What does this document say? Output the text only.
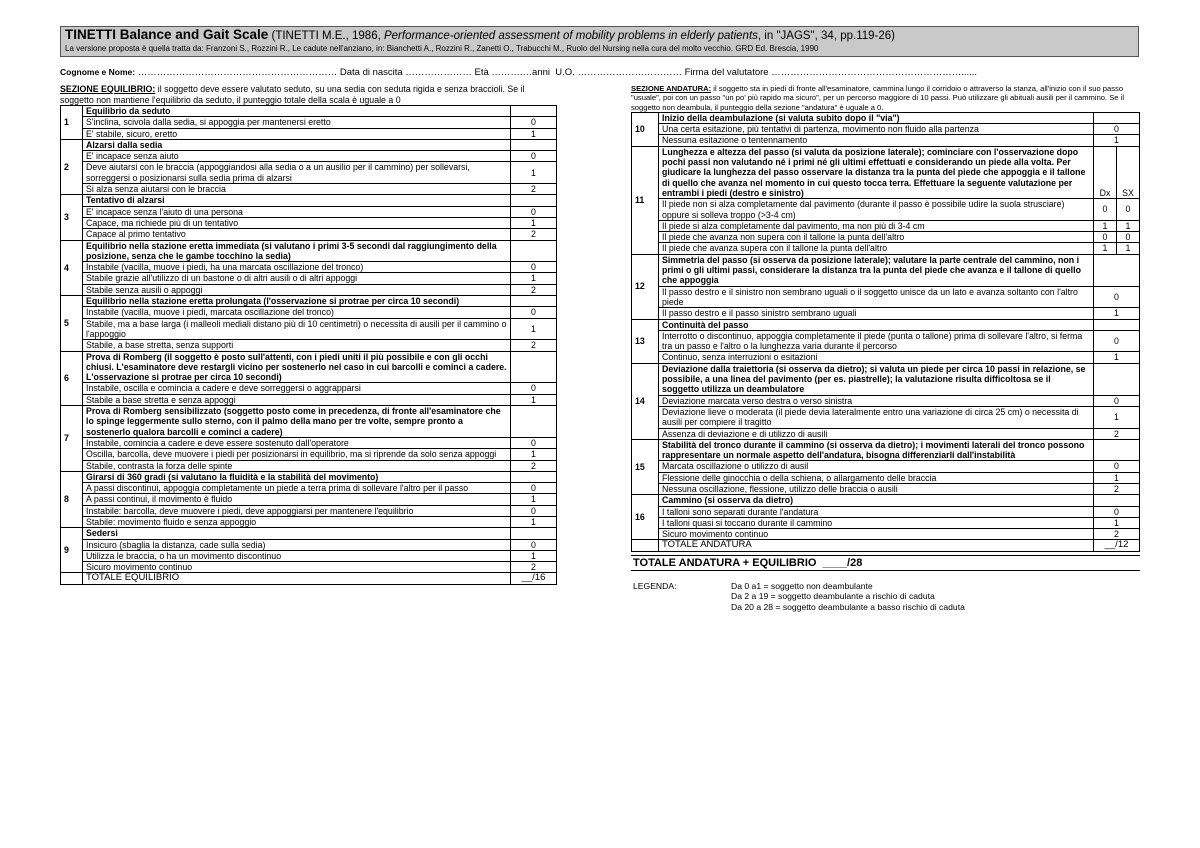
TINETTI Balance and Gait Scale (TINETTI M.E., 1986, Performance-oriented assessment of mobility problems in elderly patients, in "JAGS", 34, pp.119-26)
La versione proposta è quella tratta da: Franzoni S., Rozzini R., Le cadute nell'anziano, in: Bianchetti A., Rozzini R., Zanetti O., Trabucchi M., Ruolo del Nursing nella cura del molto vecchio. GRD Ed. Brescia, 1990
Cognome e Nome: ……………………………………………………… Data di nascita ………………… Età ……….…anni U.O. …………………………… Firma del valutatore ……………………………………………………......
SEZIONE EQUILIBRIO: il soggetto deve essere valutato seduto, su una sedia con seduta rigida e senza braccioli. Se il soggetto non mantiene l'equilibrio da seduto, il punteggio totale della scala è uguale a 0
1	Equilibrio da seduto	
	S'inclina, scivola dalla sedia, si appoggia per mantenersi eretto	0
	E' stabile, sicuro, eretto	1
2	Alzarsi dalla sedia	
	E' incapace senza aiuto	0
	Deve aiutarsi con le braccia (appoggiandosi alla sedia o a un ausilio per il cammino) per sollevarsi, sorreggersi o posizionarsi sulla sedia prima di alzarsi	1
	Si alza senza aiutarsi con le braccia	2
3	Tentativo di alzarsi	
	E' incapace senza l'aiuto di una persona	0
	Capace, ma richiede più di un tentativo	1
	Capace al primo tentativo	2
4	Equilibrio nella stazione eretta immediata (si valutano i primi 3-5 secondi dal raggiungimento della posizione, senza che le gambe tocchino la sedia)	
	Instabile (vacilla, muove i piedi, ha una marcata oscillazione del tronco)	0
	Stabile grazie all'utilizzo di un bastone o di altri ausili o di altri appoggi	1
	Stabile senza ausili o appoggi	2
5	Equilibrio nella stazione eretta prolungata (l'osservazione si protrae per circa 10 secondi)	
	Instabile (vacilla, muove i piedi, marcata oscillazione del tronco)	0
	Stabile, ma a base larga (i malleoli mediali distano più di 10 centimetri) o necessita di ausili per il cammino o l'appoggio	1
	Stabile, a base stretta, senza supporti	2
6	Prova di Romberg (il soggetto è posto sull'attenti, con i piedi uniti il più possibile e con gli occhi chiusi. L'esaminatore deve restargli vicino per sostenerlo nel caso in cui barcolli e cominci a cadere. L'osservazione si protrae per circa 10 secondi)	
	Instabile, oscilla e comincia a cadere e deve sorreggersi o aggrapparsi	0
	Stabile a base stretta e senza appoggi	1
7	Prova di Romberg sensibilizzato (soggetto posto come in precedenza, di fronte all'esaminatore che lo spinge leggermente sullo sterno, con il palmo della mano per tre volte, sempre pronto a sostenerlo qualora barcolli e cominci a cadere)	
	Instabile, comincia a cadere e deve essere sostenuto dall'operatore	0
	Oscilla, barcolla, deve muovere i piedi per posizionarsi in equilibrio, ma si riprende da solo senza appoggi	1
	Stabile, contrasta la forza delle spinte	2
8	Girarsi di 360 gradi (si valutano la fluidità e la stabilità del movimento)	
	A passi discontinui, appoggia completamente un piede a terra prima di sollevare l'altro per il passo	0
	A passi continui, il movimento è fluido	1
	Instabile: barcolla, deve muovere i piedi, deve appoggiarsi per mantenere l'equilibrio	0
	Stabile: movimento fluido e senza appoggio	1
9	Sedersi	
	Insicuro (sbaglia la distanza, cade sulla sedia)	0
	Utilizza le braccia, o ha un movimento discontinuo	1
	Sicuro movimento continuo	2
	TOTALE EQUILIBRIO	__/16
SEZIONE ANDATURA: il soggetto sta in piedi di fronte all'esaminatore, cammina lungo il corridoio o attraverso la stanza, all'inizio con il suo passo "usuale", poi con un passo "un po' più rapido ma sicuro", per un percorso maggiore di 10 passi. Può utilizzare gli abituali ausili per il cammino. Se il soggetto non deambula, il punteggio della sezione "andatura" è uguale a 0.
10	Inizio della deambulazione (si valuta subito dopo il "via")		
	Una certa esitazione, più tentativi di partenza, movimento non fluido alla partenza	0	
	Nessuna esitazione o tentennamento	1	
11	Lunghezza e altezza del passo (si valuta da posizione laterale); cominciare con l'osservazione dopo pochi passi non valutando né i primi né gli ultimi effettuati e considerando un piede alla volta. Per giudicare la lunghezza del passo osservare la distanza tra la punta del piede che appoggia e il tallone di quello che avanza nel momento in cui questo tocca terra. Effettuare la seguente valutazione per entrambi i piedi (destro e sinistro)	Dx	SX
	Il piede non si alza completamente dal pavimento (durante il passo è possibile udire la suola strusciare) oppure si solleva troppo (>3-4 cm)	0	0
	Il piede si alza completamente dal pavimento, ma non più di 3-4 cm	1	1
	Il piede che avanza non supera con il tallone la punta dell'altro	0	0
	Il piede che avanza supera con il tallone la punta dell'altro	1	1
12	Simmetria del passo (si osserva da posizione laterale); valutare la parte centrale del cammino, non i primi o gli ultimi passi, considerare la distanza tra la punta del piede che avanza e il tallone di quello che appoggia		
	Il passo destro e il sinistro non sembrano uguali o il soggetto unisce da un lato e avanza soltanto con l'altro piede	0	
	Il passo destro e il passo sinistro sembrano uguali	1	
13	Continuità del passo		
	Interrotto o discontinuo, appoggia completamente il piede (punta o tallone) prima di sollevare l'altro, si ferma tra un passo e l'altro o la lunghezza varia durante il percorso	0	
	Continuo, senza interruzioni o esitazioni	1	
14	Deviazione dalla traiettoria (si osserva da dietro); si valuta un piede per circa 10 passi in relazione, se possibile, a una linea del pavimento (per es. piastrelle); la valutazione risulta difficoltosa se il soggetto utilizza un deambulatore		
	Deviazione marcata verso destra o verso sinistra	0	
	Deviazione lieve o moderata (il piede devia lateralmente entro una variazione di circa 25 cm) o necessita di ausili per compiere il tragitto	1	
	Assenza di deviazione e di utilizzo di ausili	2	
15	Stabilità del tronco durante il cammino (si osserva da dietro); i movimenti laterali del tronco possono rappresentare un normale aspetto dell'andatura, bisogna differenziarli dall'instabilità		
	Marcata oscillazione o utilizzo di ausil	0	
	Flessione delle ginocchia o della schiena, o allargamento delle braccia	1	
	Nessuna oscillazione, flessione, utilizzo delle braccia o ausili	2	
16	Cammino (si osserva da dietro)		
	I talloni sono separati durante l'andatura	0	
	I talloni quasi si toccano durante il cammino	1	
	Sicuro movimento continuo	2	
	TOTALE ANDATURA	__/12	
TOTALE ANDATURA + EQUILIBRIO ____/28
LEGENDA:	Da 0 a1 = soggetto non deambulante
Da 2 a 19 = soggetto deambulante a rischio di caduta
Da 20 a 28 = soggetto deambulante a basso rischio di caduta
